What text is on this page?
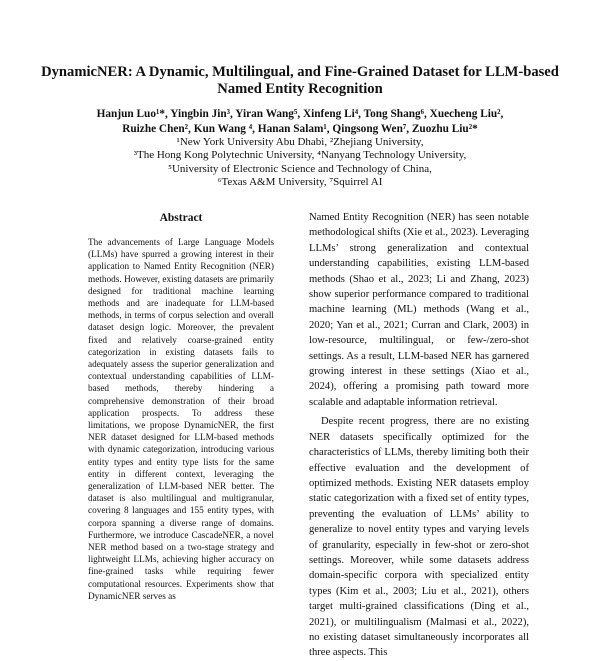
DynamicNER: A Dynamic, Multilingual, and Fine-Grained Dataset for LLM-based Named Entity Recognition
Hanjun Luo¹*, Yingbin Jin³, Yiran Wang⁵, Xinfeng Li⁴, Tong Shang⁶, Xuecheng Liu²,
Ruizhe Chen², Kun Wang ⁴, Hanan Salam¹, Qingsong Wen⁷, Zuozhu Liu²*
¹New York University Abu Dhabi, ²Zhejiang University,
³The Hong Kong Polytechnic University, ⁴Nanyang Technology University,
⁵University of Electronic Science and Technology of China,
⁶Texas A&M University, ⁷Squirrel AI
Abstract
The advancements of Large Language Models (LLMs) have spurred a growing interest in their application to Named Entity Recognition (NER) methods. However, existing datasets are primarily designed for traditional machine learning methods and are inadequate for LLM-based methods, in terms of corpus selection and overall dataset design logic. Moreover, the prevalent fixed and relatively coarse-grained entity categorization in existing datasets fails to adequately assess the superior generalization and contextual understanding capabilities of LLM-based methods, thereby hindering a comprehensive demonstration of their broad application prospects. To address these limitations, we propose DynamicNER, the first NER dataset designed for LLM-based methods with dynamic categorization, introducing various entity types and entity type lists for the same entity in different context, leveraging the generalization of LLM-based NER better. The dataset is also multilingual and multigranular, covering 8 languages and 155 entity types, with corpora spanning a diverse range of domains. Furthermore, we introduce CascadeNER, a novel NER method based on a two-stage strategy and lightweight LLMs, achieving higher accuracy on fine-grained tasks while requiring fewer computational resources. Experiments show that DynamicNER serves as

Named Entity Recognition (NER) has seen notable methodological shifts (Xie et al., 2023). Leveraging LLMs’ strong generalization and contextual understanding capabilities, existing LLM-based methods (Shao et al., 2023; Li and Zhang, 2023) show superior performance compared to traditional machine learning (ML) methods (Wang et al., 2020; Yan et al., 2021; Curran and Clark, 2003) in low-resource, multilingual, or few-/zero-shot settings. As a result, LLM-based NER has garnered growing interest in these settings (Xiao et al., 2024), offering a promising path toward more scalable and adaptable information retrieval.

Despite recent progress, there are no existing NER datasets specifically optimized for the characteristics of LLMs, thereby limiting both their effective evaluation and the development of optimized methods. Existing NER datasets employ static categorization with a fixed set of entity types, preventing the evaluation of LLMs’ ability to generalize to novel entity types and varying levels of granularity, especially in few-shot or zero-shot settings. Moreover, while some datasets address domain-specific corpora with specialized entity types (Kim et al., 2003; Liu et al., 2021), others target multi-grained classifications (Ding et al., 2021), or multilingualism (Malmasi et al., 2022), no existing dataset simultaneously incorporates all three aspects. This
